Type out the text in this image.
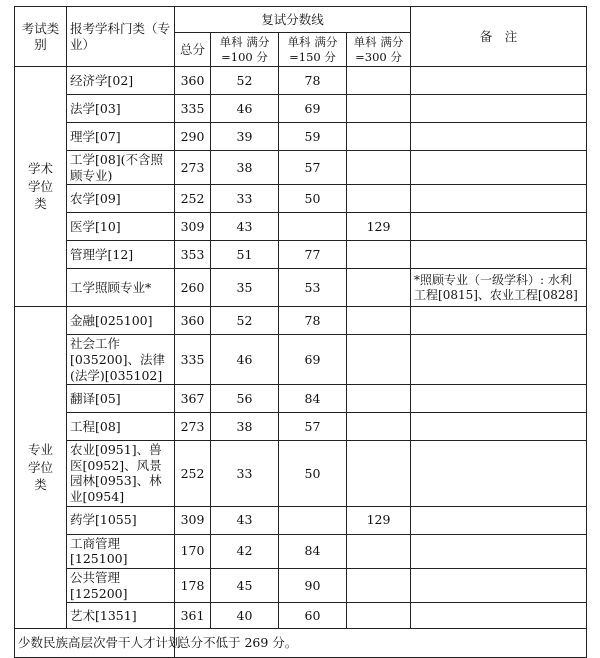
考试类别	报考学科门类（专业）	复试分数线				备　注
		总分	单科 满分=100 分	单科 满分=150 分	单科 满分=300 分	
学术学位类	经济学[02]	360	52	78		
	法学[03]	335	46	69		
	理学[07]	290	39	59		
	工学[08](不含照顾专业)	273	38	57		
	农学[09]	252	33	50		
	医学[10]	309	43		129	
	管理学[12]	353	51	77		
	工学照顾专业*	260	35	53		*照顾专业（一级学科）: 水利工程[0815]、农业工程[0828]
专业学位类	金融[025100]	360	52	78		
	社会工作[035200]、法律(法学)[035102]	335	46	69		
	翻译[05]	367	56	84		
	工程[08]	273	38	57		
	农业[0951]、兽医[0952]、风景园林[0953]、林业[0954]	252	33	50		
	药学[1055]	309	43		129	
	工商管理[125100]	170	42	84		
	公共管理[125200]	178	45	90		
	艺术[1351]	361	40	60		
少数民族高层次骨干人才计划		总分不低于 269 分。				
